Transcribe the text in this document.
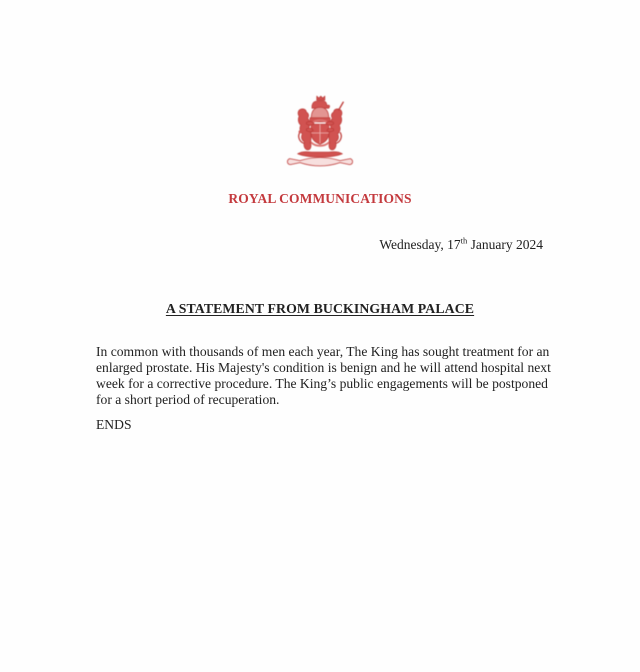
ROYAL COMMUNICATIONS
Wednesday, 17th January 2024
A STATEMENT FROM BUCKINGHAM PALACE
In common with thousands of men each year, The King has sought treatment for an
enlarged prostate. His Majesty's condition is benign and he will attend hospital next
week for a corrective procedure. The King’s public engagements will be postponed
for a short period of recuperation.
ENDS
